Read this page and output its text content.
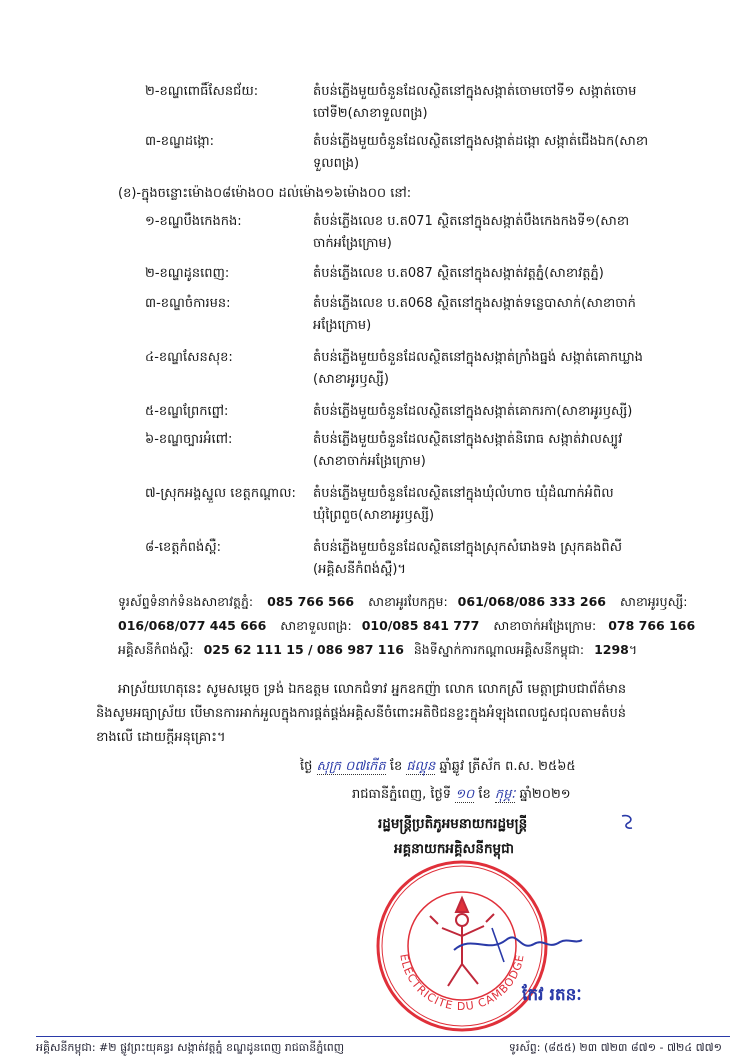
២-ខណ្ឌពោធិ៍សែនជ័យ:	តំបន់ភ្លើងមួយចំនួនដែលស្ថិតនៅក្នុងសង្កាត់ចោមចៅទី១ សង្កាត់ចោម
ចៅទី២(សាខាទួលពង្រ)
៣-ខណ្ឌដង្កោ:	តំបន់ភ្លើងមួយចំនួនដែលស្ថិតនៅក្នុងសង្កាត់ដង្កោ សង្កាត់ជើងឯក(សាខា
ទួលពង្រ)
(ខ)-ក្នុងចន្លោះម៉ោង០៨ម៉ោង០០ ដល់ម៉ោង១៦ម៉ោង០០ នៅ:
១-ខណ្ឌបឹងកេងកង:	តំបន់ភ្លើងលេខ ប.ត071 ស្ថិតនៅក្នុងសង្កាត់បឹងកេងកងទី១(សាខា
ចាក់អង្រែក្រោម)
២-ខណ្ឌដូនពេញ:	តំបន់ភ្លើងលេខ ប.ត087 ស្ថិតនៅក្នុងសង្កាត់វត្តភ្នំ(សាខាវត្តភ្នំ)
៣-ខណ្ឌចំការមន:	តំបន់ភ្លើងលេខ ប.ត068 ស្ថិតនៅក្នុងសង្កាត់ទន្លេបាសាក់(សាខាចាក់
អង្រែក្រោម)
៤-ខណ្ឌសែនសុខ:	តំបន់ភ្លើងមួយចំនួនដែលស្ថិតនៅក្នុងសង្កាត់ក្រាំងធ្នង់ សង្កាត់គោកឃ្លាង
(សាខាអូរឫស្សី)
៥-ខណ្ឌព្រែកព្នៅ:	តំបន់ភ្លើងមួយចំនួនដែលស្ថិតនៅក្នុងសង្កាត់គោករកា(សាខាអូរឫស្សី)
៦-ខណ្ឌច្បារអំពៅ:	តំបន់ភ្លើងមួយចំនួនដែលស្ថិតនៅក្នុងសង្កាត់និរោធ សង្កាត់វាលស្បូវ
(សាខាចាក់អង្រែក្រោម)
៧-ស្រុកអង្គស្នួល ខេត្តកណ្តាល: តំបន់ភ្លើងមួយចំនួនដែលស្ថិតនៅក្នុងឃុំលំហាច ឃុំដំណាក់អំពិល
ឃុំព្រៃពួច(សាខាអូរឫស្សី)
៨-ខេត្តកំពង់ស្ពឺ:	តំបន់ភ្លើងមួយចំនួនដែលស្ថិតនៅក្នុងស្រុកសំរោងទង ស្រុកគងពិសី
(អគ្គិសនីកំពង់ស្ពឺ)។
ទូរស័ព្ទទំនាក់ទំនងសាខាវត្តភ្នំ: 085 766 566 សាខាអូរបែកក្អម: 061/068/086 333 266 សាខាអូរឫស្សី:
016/068/077 445 666 សាខាទួលពង្រ: 010/085 841 777 សាខាចាក់អង្រែក្រោម: 078 766 166
អគ្គិសនីកំពង់ស្ពឺ: 025 62 111 15 / 086 987 116 និងទីស្នាក់ការកណ្តាលអគ្គិសនីកម្ពុជា: 1298។
អាស្រ័យហេតុនេះ សូមសម្តេច ទ្រង់ ឯកឧត្តម លោកជំទាវ អ្នកឧកញ៉ា លោក លោកស្រី មេត្តាជ្រាបជាព័ត៌មាន
និងសូមអធ្យាស្រ័យ បើមានការអាក់អួលក្នុងការផ្គត់ផ្គង់អគ្គិសនីចំពោះអតិថិជនខ្លះក្នុងអំឡុងពេលជួសជុលតាមតំបន់
ខាងលើ ដោយក្តីអនុគ្រោះ។
ថ្ងៃ សុក្រ ០៧កើត ខែ ផល្គុន ឆ្នាំឆ្លូវ ត្រីស័ក ព.ស. ២៥៦៥
រាជធានីភ្នំពេញ, ថ្ងៃទី ១០ ខែ កុម្ភៈ ឆ្នាំ២០២១
រដ្ឋមន្ត្រីប្រតិភូអមនាយករដ្ឋមន្ត្រី
អគ្គនាយកអគ្គិសនីកម្ពុជា
ELECTRICITE DU CAMBODGE
កែវ រតនៈ
អគ្គិសនីកម្ពុជា: #២ ផ្លូវព្រះយុគន្ធរ សង្កាត់វត្តភ្នំ ខណ្ឌដូនពេញ រាជធានីភ្នំពេញ	ទូរស័ព្ទ: (៨៥៥) ២៣ ៧២៣ ៨៧១ - ៧២៤ ៧៧១
